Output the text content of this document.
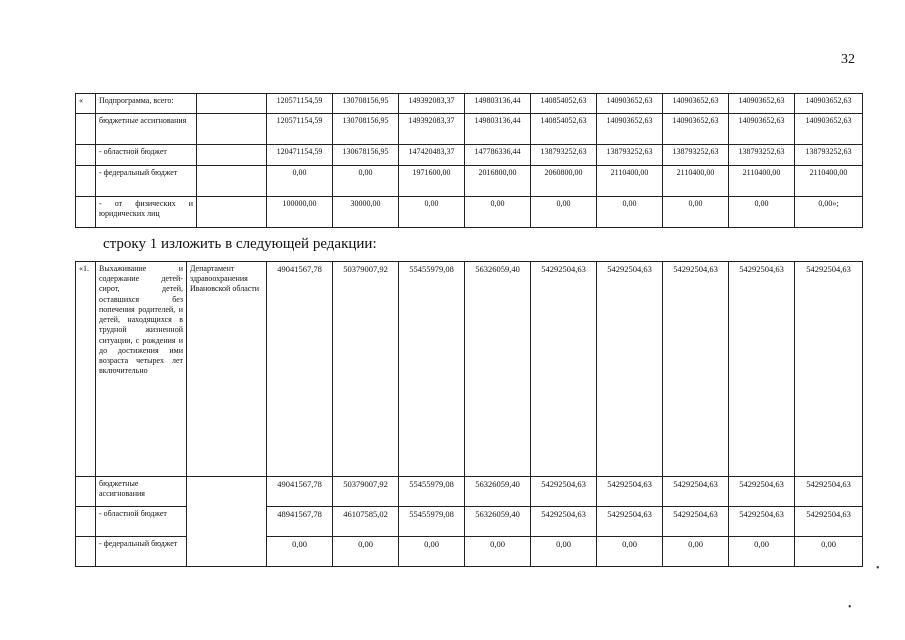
32
«	Подпрограмма, всего:		120571154,59	130708156,95	149392083,37	149803136,44	140854052,63	140903652,63	140903652,63	140903652,63	140903652,63
	бюджетные ассигнования		120571154,59	130708156,95	149392083,37	149803136,44	140854052,63	140903652,63	140903652,63	140903652,63	140903652,63
	- областной бюджет		120471154,59	130678156,95	147420483,37	147786336,44	138793252,63	138793252,63	138793252,63	138793252,63	138793252,63
	- федеральный бюджет		0,00	0,00	1971600,00	2016800,00	2060800,00	2110400,00	2110400,00	2110400,00	2110400,00
	- от физических и юридических лиц		100000,00	30000,00	0,00	0,00	0,00	0,00	0,00	0,00	0,00»;
строку 1 изложить в следующей редакции:
«1.	Выхаживание и содержание детей-сирот, детей, оставшихся без попечения родителей, и детей, находящихся в трудной жизненной ситуации, с рождения и до достижения ими возраста четырех лет включительно	Департамент здравоохранения Ивановской области	49041567,78	50379007,92	55455979,08	56326059,40	54292504,63	54292504,63	54292504,63	54292504,63	54292504,63
	бюджетные ассигнования		49041567,78	50379007,92	55455979,08	56326059,40	54292504,63	54292504,63	54292504,63	54292504,63	54292504,63
	- областной бюджет		48941567,78	46107585,02	55455979,08	56326059,40	54292504,63	54292504,63	54292504,63	54292504,63	54292504,63
	- федеральный бюджет		0,00	0,00	0,00	0,00	0,00	0,00	0,00	0,00	0,00
•
•
